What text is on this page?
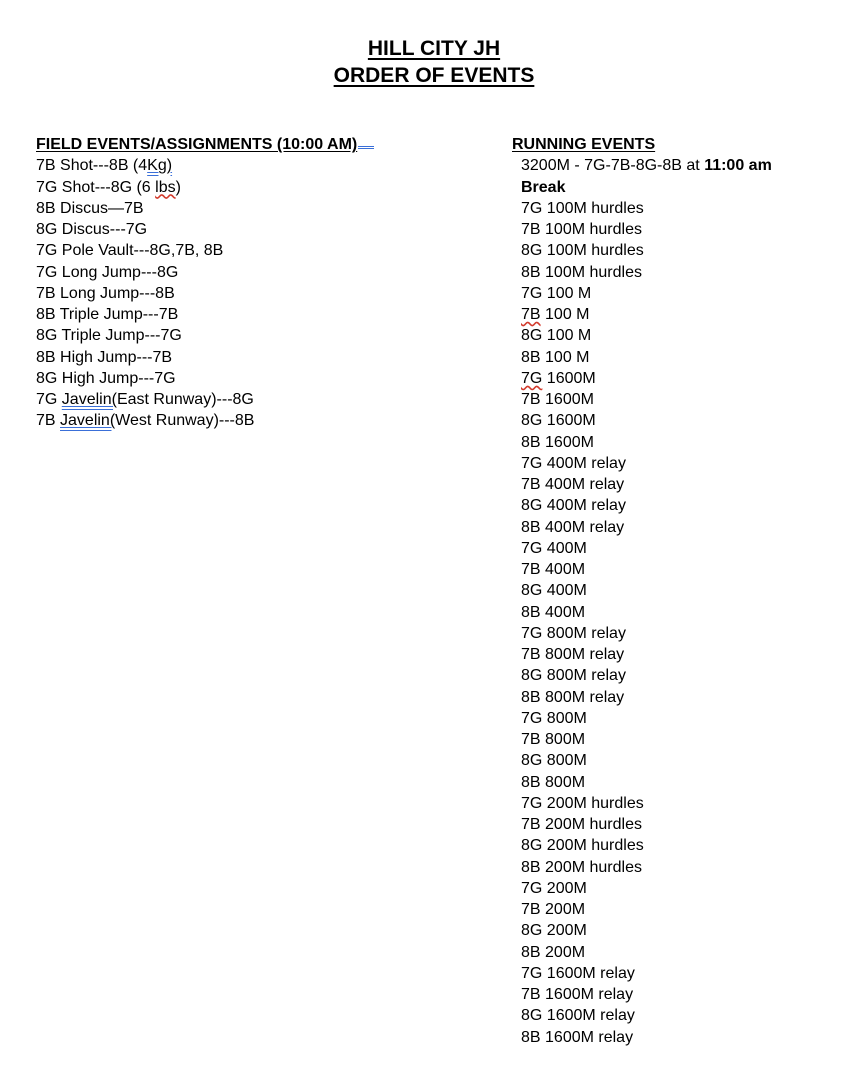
HILL CITY JH
ORDER OF EVENTS
FIELD EVENTS/ASSIGNMENTS (10:00 AM)
7B Shot---8B (4Kg)
7G Shot---8G (6 lbs)
8B Discus—7B
8G Discus---7G
7G Pole Vault---8G,7B, 8B
7G Long Jump---8G
7B Long Jump---8B
8B Triple Jump---7B
8G Triple Jump---7G
8B High Jump---7B
8G High Jump---7G
7G Javelin(East Runway)---8G
7B Javelin(West Runway)---8B
RUNNING EVENTS
3200M - 7G-7B-8G-8B at 11:00 am
Break
7G 100M hurdles
7B 100M hurdles
8G 100M hurdles
8B 100M hurdles
7G 100 M
7B 100 M
8G 100 M
8B 100 M
7G 1600M
7B 1600M
8G 1600M
8B 1600M
7G 400M relay
7B 400M relay
8G 400M relay
8B 400M relay
7G 400M
7B 400M
8G 400M
8B 400M
7G 800M relay
7B 800M relay
8G 800M relay
8B 800M relay
7G 800M
7B 800M
8G 800M
8B 800M
7G 200M hurdles
7B 200M hurdles
8G 200M hurdles
8B 200M hurdles
7G 200M
7B 200M
8G 200M
8B 200M
7G 1600M relay
7B 1600M relay
8G 1600M relay
8B 1600M relay
